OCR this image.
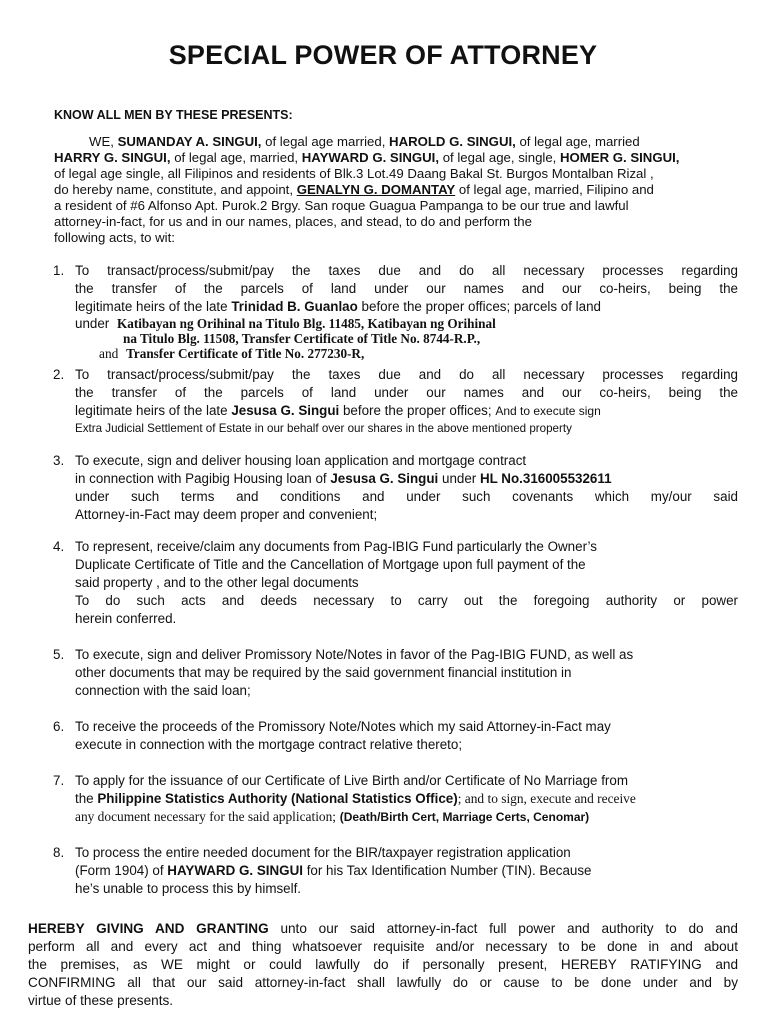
SPECIAL POWER OF ATTORNEY
KNOW ALL MEN BY THESE PRESENTS:
WE, SUMANDAY A. SINGUI, of legal age married, HAROLD G. SINGUI, of legal age, married
HARRY G. SINGUI, of legal age, married, HAYWARD G. SINGUI, of legal age, single, HOMER G. SINGUI,
of legal age single, all Filipinos and residents of Blk.3 Lot.49 Daang Bakal St. Burgos Montalban Rizal ,
do hereby name, constitute, and appoint, GENALYN G. DOMANTAY of legal age, married, Filipino and
a resident of #6 Alfonso Apt. Purok.2 Brgy. San roque Guagua Pampanga to be our true and lawful
attorney-in-fact, for us and in our names, places, and stead, to do and perform the
following acts, to wit:
1. To transact/process/submit/pay the taxes due and do all necessary processes regarding
the transfer of the parcels of land under our names and our co-heirs, being the
legitimate heirs of the late Trinidad B. Guanlao before the proper offices; parcels of land
under Katibayan ng Orihinal na Titulo Blg. 11485, Katibayan ng Orihinal
na Titulo Blg. 11508, Transfer Certificate of Title No. 8744-R.P.,
and Transfer Certificate of Title No. 277230-R,
2. To transact/process/submit/pay the taxes due and do all necessary processes regarding
the transfer of the parcels of land under our names and our co-heirs, being the
legitimate heirs of the late Jesusa G. Singui before the proper offices; And to execute sign
Extra Judicial Settlement of Estate in our behalf over our shares in the above mentioned property
3. To execute, sign and deliver housing loan application and mortgage contract
in connection with Pagibig Housing loan of Jesusa G. Singui under HL No.316005532611
under such terms and conditions and under such covenants which my/our said
Attorney-in-Fact may deem proper and convenient;
4. To represent, receive/claim any documents from Pag-IBIG Fund particularly the Owner’s
Duplicate Certificate of Title and the Cancellation of Mortgage upon full payment of the
said property , and to the other legal documents
To do such acts and deeds necessary to carry out the foregoing authority or power
herein conferred.
5. To execute, sign and deliver Promissory Note/Notes in favor of the Pag-IBIG FUND, as well as
other documents that may be required by the said government financial institution in
connection with the said loan;
6. To receive the proceeds of the Promissory Note/Notes which my said Attorney-in-Fact may
execute in connection with the mortgage contract relative thereto;
7. To apply for the issuance of our Certificate of Live Birth and/or Certificate of No Marriage from
the Philippine Statistics Authority (National Statistics Office); and to sign, execute and receive
any document necessary for the said application; (Death/Birth Cert, Marriage Certs, Cenomar)
8. To process the entire needed document for the BIR/taxpayer registration application
(Form 1904) of HAYWARD G. SINGUI for his Tax Identification Number (TIN). Because
he’s unable to process this by himself.
HEREBY GIVING AND GRANTING unto our said attorney-in-fact full power and authority to do and
perform all and every act and thing whatsoever requisite and/or necessary to be done in and about
the premises, as WE might or could lawfully do if personally present, HEREBY RATIFYING and
CONFIRMING all that our said attorney-in-fact shall lawfully do or cause to be done under and by
virtue of these presents.
